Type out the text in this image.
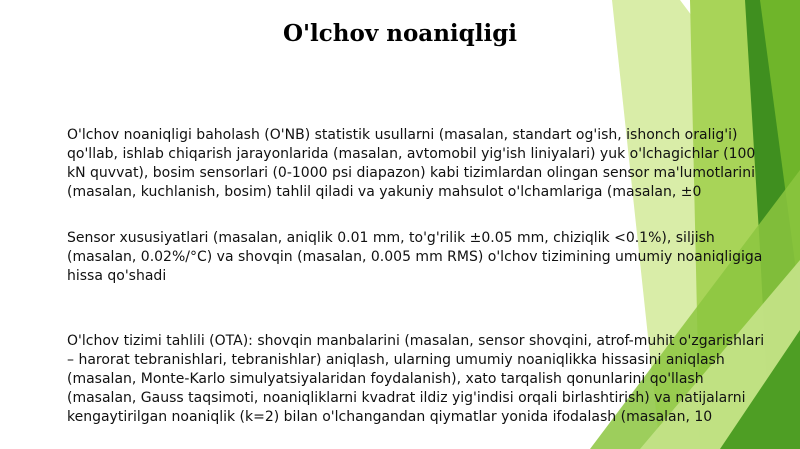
O'lchov noaniqligi

O'lchov noaniqligi baholash (O'NB) statistik usullarni (masalan, standart og'ish, ishonch oralig'i) qo'llab, ishlab chiqarish jarayonlarida (masalan, avtomobil yig'ish liniyalari) yuk o'lchagichlar (100 kN quvvat), bosim sensorlari (0-1000 psi diapazon) kabi tizimlardan olingan sensor ma'lumotlarini (masalan, kuchlanish, bosim) tahlil qiladi va yakuniy mahsulot o'lchamlariga (masalan, ±0

Sensor xususiyatlari (masalan, aniqlik 0.01 mm, to'g'rilik ±0.05 mm, chiziqlik <0.1%), siljish (masalan, 0.02%/°C) va shovqin (masalan, 0.005 mm RMS) o'lchov tizimining umumiy noaniqligiga hissa qo'shadi

O'lchov tizimi tahlili (OTA): shovqin manbalarini (masalan, sensor shovqini, atrof-muhit o'zgarishlari – harorat tebranishlari, tebranishlar) aniqlash, ularning umumiy noaniqlikka hissasini aniqlash (masalan, Monte-Karlo simulyatsiyalaridan foydalanish), xato tarqalish qonunlarini qo'llash (masalan, Gauss taqsimoti, noaniqliklarni kvadrat ildiz yig'indisi orqali birlashtirish) va natijalarni kengaytirilgan noaniqlik (k=2) bilan o'lchangandan qiymatlar yonida ifodalash (masalan, 10
